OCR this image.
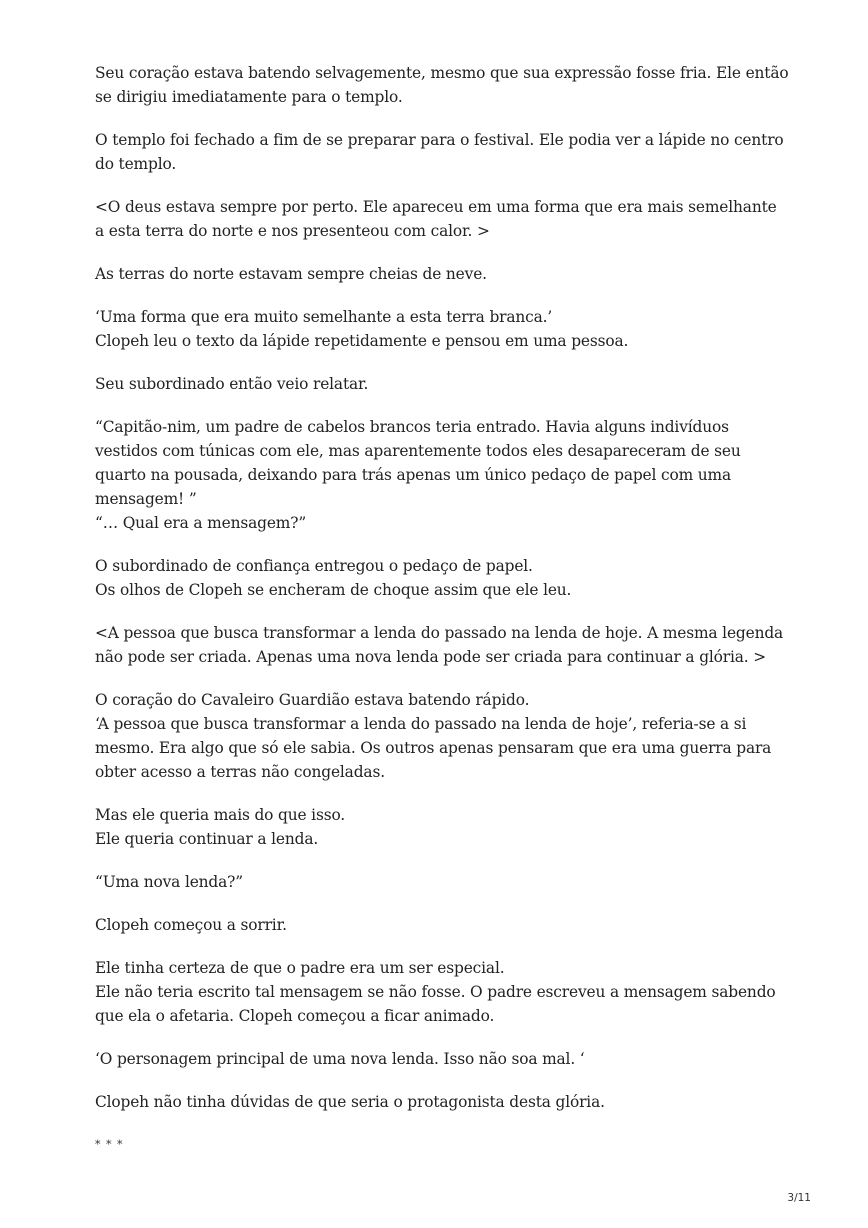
Seu coração estava batendo selvagemente, mesmo que sua expressão fosse fria. Ele então
se dirigiu imediatamente para o templo.

O templo foi fechado a fim de se preparar para o festival. Ele podia ver a lápide no centro
do templo.

<O deus estava sempre por perto. Ele apareceu em uma forma que era mais semelhante
a esta terra do norte e nos presenteou com calor. >

As terras do norte estavam sempre cheias de neve.

‘Uma forma que era muito semelhante a esta terra branca.’
Clopeh leu o texto da lápide repetidamente e pensou em uma pessoa.

Seu subordinado então veio relatar.

“Capitão-nim, um padre de cabelos brancos teria entrado. Havia alguns indivíduos
vestidos com túnicas com ele, mas aparentemente todos eles desapareceram de seu
quarto na pousada, deixando para trás apenas um único pedaço de papel com uma
mensagem! ”
“… Qual era a mensagem?”

O subordinado de confiança entregou o pedaço de papel.
Os olhos de Clopeh se encheram de choque assim que ele leu.

<A pessoa que busca transformar a lenda do passado na lenda de hoje. A mesma legenda
não pode ser criada. Apenas uma nova lenda pode ser criada para continuar a glória. >

O coração do Cavaleiro Guardião estava batendo rápido.
‘A pessoa que busca transformar a lenda do passado na lenda de hoje’, referia-se a si
mesmo. Era algo que só ele sabia. Os outros apenas pensaram que era uma guerra para
obter acesso a terras não congeladas.

Mas ele queria mais do que isso.
Ele queria continuar a lenda.

“Uma nova lenda?”

Clopeh começou a sorrir.

Ele tinha certeza de que o padre era um ser especial.
Ele não teria escrito tal mensagem se não fosse. O padre escreveu a mensagem sabendo
que ela o afetaria. Clopeh começou a ficar animado.

‘O personagem principal de uma nova lenda. Isso não soa mal. ‘

Clopeh não tinha dúvidas de que seria o protagonista desta glória.

* * *

3/11
